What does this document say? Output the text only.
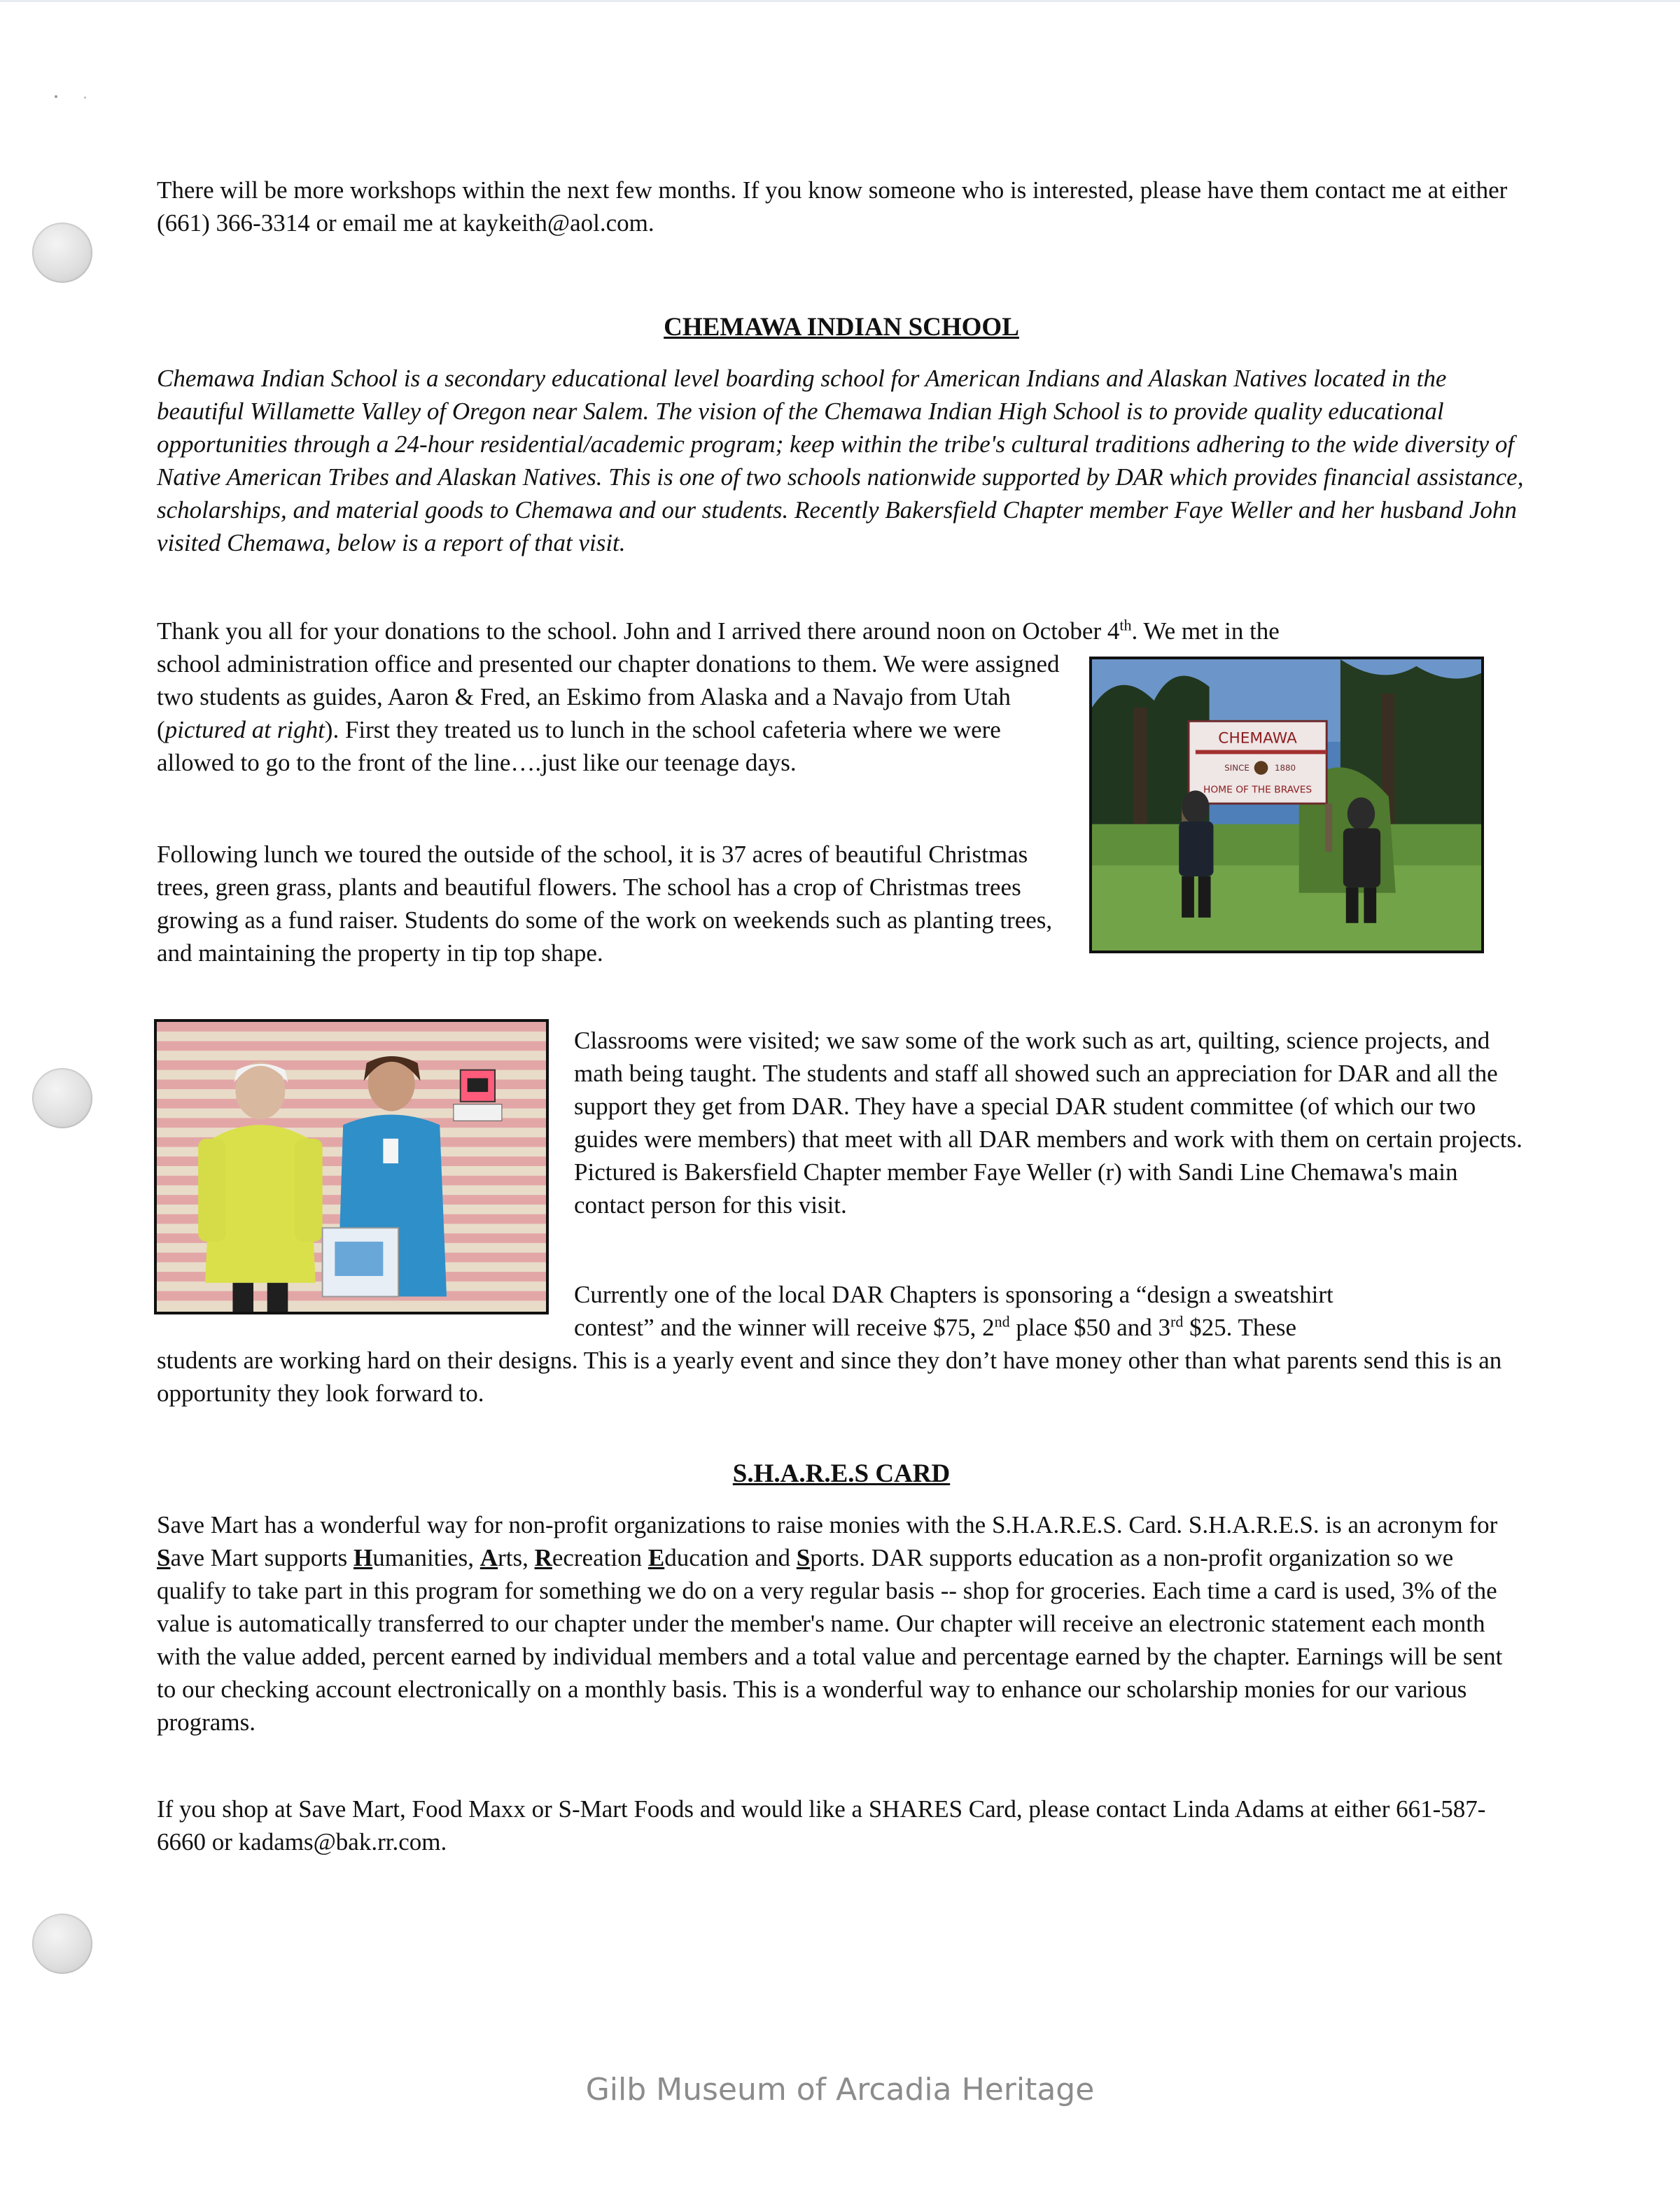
There will be more workshops within the next few months. If you know someone who is interested, please have them contact me at either (661) 366-3314 or email me at kaykeith@aol.com.

CHEMAWA INDIAN SCHOOL

Chemawa Indian School is a secondary educational level boarding school for American Indians and Alaskan Natives located in the beautiful Willamette Valley of Oregon near Salem. The vision of the Chemawa Indian High School is to provide quality educational opportunities through a 24-hour residential/academic program; keep within the tribe's cultural traditions adhering to the wide diversity of Native American Tribes and Alaskan Natives. This is one of two schools nationwide supported by DAR which provides financial assistance, scholarships, and material goods to Chemawa and our students. Recently Bakersfield Chapter member Faye Weller and her husband John visited Chemawa, below is a report of that visit.

Thank you all for your donations to the school. John and I arrived there around noon on October 4th. We met in the

school administration office and presented our chapter donations to them. We were assigned two students as guides, Aaron & Fred, an Eskimo from Alaska and a Navajo from Utah (pictured at right). First they treated us to lunch in the school cafeteria where we were allowed to go to the front of the line….just like our teenage days.

CHEMAWA
SINCE	1880
HOME OF THE BRAVES

Following lunch we toured the outside of the school, it is 37 acres of beautiful Christmas trees, green grass, plants and beautiful flowers. The school has a crop of Christmas trees growing as a fund raiser. Students do some of the work on weekends such as planting trees, and maintaining the property in tip top shape.

Classrooms were visited; we saw some of the work such as art, quilting, science projects, and math being taught. The students and staff all showed such an appreciation for DAR and all the support they get from DAR. They have a special DAR student committee (of which our two guides were members) that meet with all DAR members and work with them on certain projects. Pictured is Bakersfield Chapter member Faye Weller (r) with Sandi Line Chemawa's main contact person for this visit.

Currently one of the local DAR Chapters is sponsoring a “design a sweatshirt

contest” and the winner will receive $75, 2nd place $50 and 3rd $25. These

students are working hard on their designs. This is a yearly event and since they don’t have money other than what parents send this is an opportunity they look forward to.

S.H.A.R.E.S CARD

Save Mart has a wonderful way for non-profit organizations to raise monies with the S.H.A.R.E.S. Card. S.H.A.R.E.S. is an acronym for Save Mart supports Humanities, Arts, Recreation Education and Sports. DAR supports education as a non-profit organization so we qualify to take part in this program for something we do on a very regular basis -- shop for groceries. Each time a card is used, 3% of the value is automatically transferred to our chapter under the member's name. Our chapter will receive an electronic statement each month with the value added, percent earned by individual members and a total value and percentage earned by the chapter. Earnings will be sent to our checking account electronically on a monthly basis. This is a wonderful way to enhance our scholarship monies for our various programs.

If you shop at Save Mart, Food Maxx or S-Mart Foods and would like a SHARES Card, please contact Linda Adams at either 661-587-6660 or kadams@bak.rr.com.

Gilb Museum of Arcadia Heritage
